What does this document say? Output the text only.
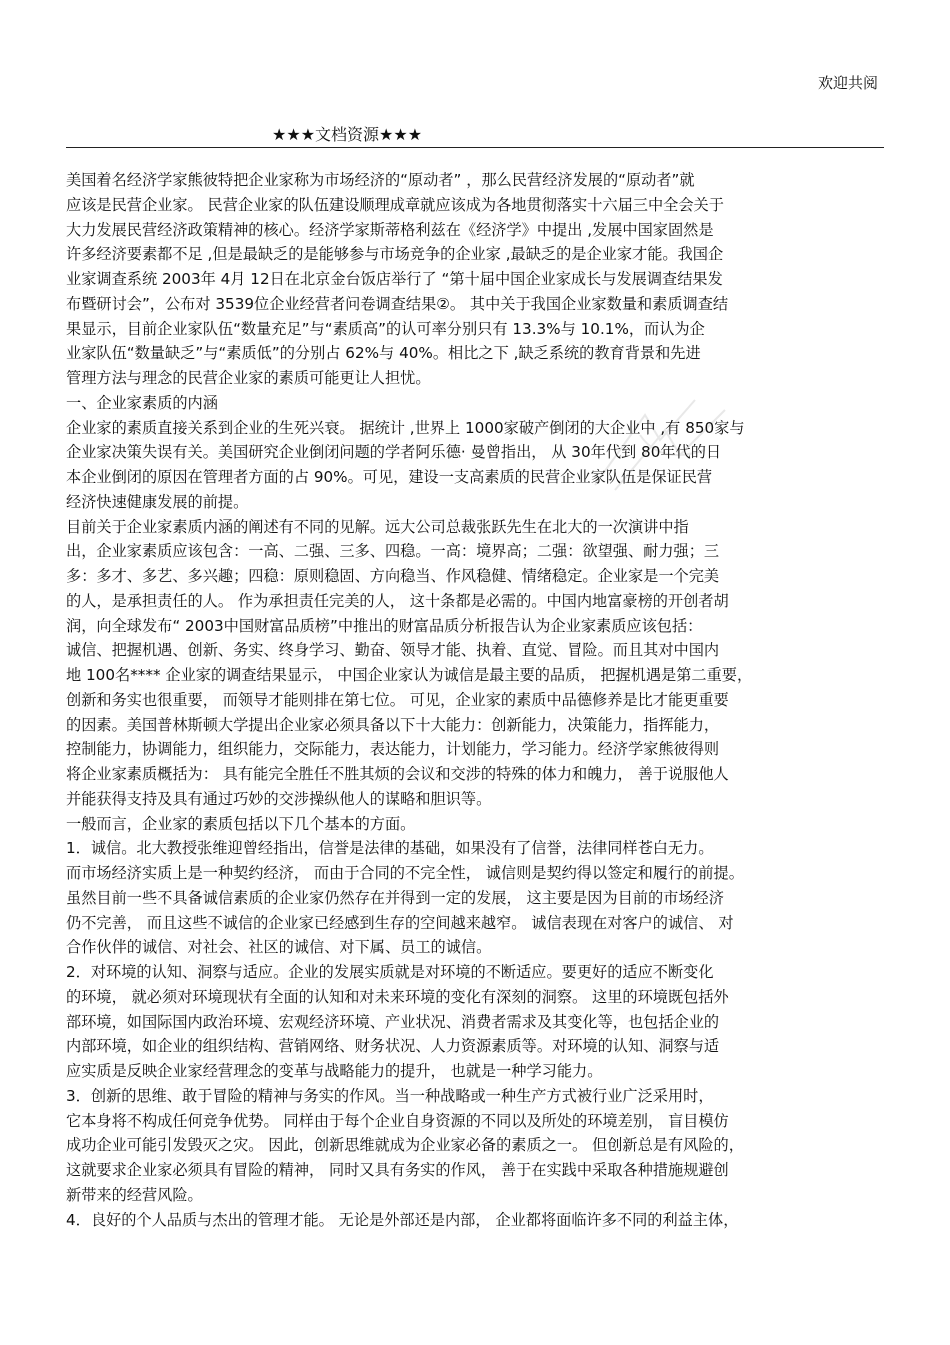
欢迎共阅
★★★文档资源★★★
美国着名经济学家熊彼特把企业家称为市场经济的“原动者” ，那么民营经济发展的“原动者”就
应该是民营企业家。 民营企业家的队伍建设顺理成章就应该成为各地贯彻落实十六届三中全会关于
大力发展民营经济政策精神的核心。经济学家斯蒂格利兹在《经济学》中提出 ,发展中国家固然是
许多经济要素都不足 ,但是最缺乏的是能够参与市场竞争的企业家 ,最缺乏的是企业家才能。我国企
业家调查系统 2003年 4月 12日在北京金台饭店举行了 “第十届中国企业家成长与发展调查结果发
布暨研讨会”，公布对 3539位企业经营者问卷调查结果②。 其中关于我国企业家数量和素质调查结
果显示，目前企业家队伍“数量充足”与“素质高”的认可率分别只有 13.3%与 10.1%，而认为企
业家队伍“数量缺乏”与“素质低”的分别占 62%与 40%。相比之下 ,缺乏系统的教育背景和先进
管理方法与理念的民营企业家的素质可能更让人担忧。
一、企业家素质的内涵
企业家的素质直接关系到企业的生死兴衰。 据统计 ,世界上 1000家破产倒闭的大企业中 ,有 850家与
企业家决策失误有关。美国研究企业倒闭问题的学者阿乐德· 曼曾指出， 从 30年代到 80年代的日
本企业倒闭的原因在管理者方面的占 90%。可见，建设一支高素质的民营企业家队伍是保证民营
经济快速健康发展的前提。
目前关于企业家素质内涵的阐述有不同的见解。远大公司总裁张跃先生在北大的一次演讲中指
出，企业家素质应该包含：一高、二强、三多、四稳。一高：境界高；二强：欲望强、耐力强；三
多：多才、多艺、多兴趣；四稳：原则稳固、方向稳当、作风稳健、情绪稳定。企业家是一个完美
的人，是承担责任的人。 作为承担责任完美的人， 这十条都是必需的。中国内地富豪榜的开创者胡
润，向全球发布“ 2003中国财富品质榜”中推出的财富品质分析报告认为企业家素质应该包括：
诚信、把握机遇、创新、务实、终身学习、勤奋、领导才能、执着、直觉、冒险。而且其对中国内
地 100名**** 企业家的调查结果显示， 中国企业家认为诚信是最主要的品质， 把握机遇是第二重要，
创新和务实也很重要， 而领导才能则排在第七位。 可见，企业家的素质中品德修养是比才能更重要
的因素。美国普林斯顿大学提出企业家必须具备以下十大能力：创新能力，决策能力，指挥能力，
控制能力，协调能力，组织能力，交际能力，表达能力，计划能力，学习能力。经济学家熊彼得则
将企业家素质概括为： 具有能完全胜任不胜其烦的会议和交涉的特殊的体力和魄力， 善于说服他人
并能获得支持及具有通过巧妙的交涉操纵他人的谋略和胆识等。
一般而言，企业家的素质包括以下几个基本的方面。
1．诚信。北大教授张维迎曾经指出，信誉是法律的基础，如果没有了信誉，法律同样苍白无力。
而市场经济实质上是一种契约经济， 而由于合同的不完全性， 诚信则是契约得以签定和履行的前提。
虽然目前一些不具备诚信素质的企业家仍然存在并得到一定的发展， 这主要是因为目前的市场经济
仍不完善， 而且这些不诚信的企业家已经感到生存的空间越来越窄。 诚信表现在对客户的诚信、 对
合作伙伴的诚信、对社会、社区的诚信、对下属、员工的诚信。
2．对环境的认知、洞察与适应。企业的发展实质就是对环境的不断适应。要更好的适应不断变化
的环境， 就必须对环境现状有全面的认知和对未来环境的变化有深刻的洞察。 这里的环境既包括外
部环境，如国际国内政治环境、宏观经济环境、产业状况、消费者需求及其变化等，也包括企业的
内部环境，如企业的组织结构、营销网络、财务状况、人力资源素质等。对环境的认知、洞察与适
应实质是反映企业家经营理念的变革与战略能力的提升， 也就是一种学习能力。
3．创新的思维、敢于冒险的精神与务实的作风。当一种战略或一种生产方式被行业广泛采用时，
它本身将不构成任何竞争优势。 同样由于每个企业自身资源的不同以及所处的环境差别， 盲目模仿
成功企业可能引发毁灭之灾。 因此，创新思维就成为企业家必备的素质之一。 但创新总是有风险的，
这就要求企业家必须具有冒险的精神， 同时又具有务实的作风， 善于在实践中采取各种措施规避创
新带来的经营风险。
4．良好的个人品质与杰出的管理才能。 无论是外部还是内部， 企业都将面临许多不同的利益主体，
